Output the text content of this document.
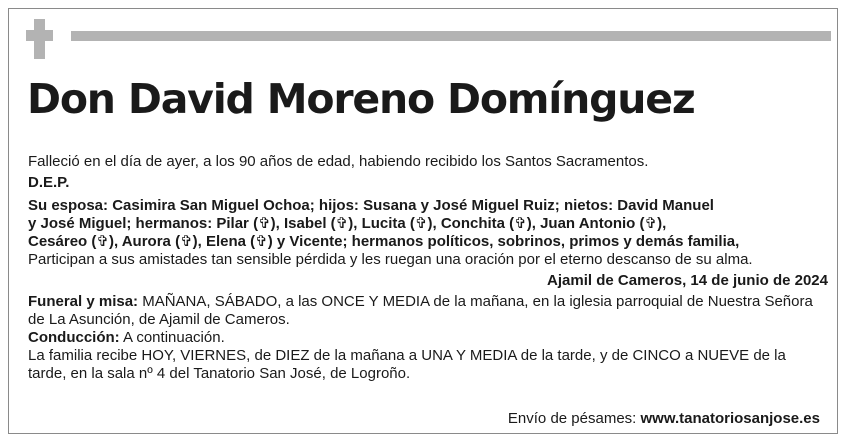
Don David Moreno Domínguez

Falleció en el día de ayer, a los 90 años de edad, habiendo recibido los Santos Sacramentos.

D.E.P.

Su esposa: Casimira San Miguel Ochoa; hijos: Susana y José Miguel Ruiz; nietos: David Manuel

y José Miguel; hermanos: Pilar (✞), Isabel (✞), Lucita (✞), Conchita (✞), Juan Antonio (✞),

Cesáreo (✞), Aurora (✞), Elena (✞) y Vicente; hermanos políticos, sobrinos, primos y demás familia,

Participan a sus amistades tan sensible pérdida y les ruegan una oración por el eterno descanso de su alma.

Ajamil de Cameros, 14 de junio de 2024

Funeral y misa: MAÑANA, SÁBADO, a las ONCE Y MEDIA de la mañana, en la iglesia parroquial de Nuestra Señora de La Asunción, de Ajamil de Cameros.

Conducción: A continuación.

La familia recibe HOY, VIERNES, de DIEZ de la mañana a UNA Y MEDIA de la tarde, y de CINCO a NUEVE de la tarde, en la sala nº 4 del Tanatorio San José, de Logroño.

Envío de pésames: www.tanatoriosanjose.es
